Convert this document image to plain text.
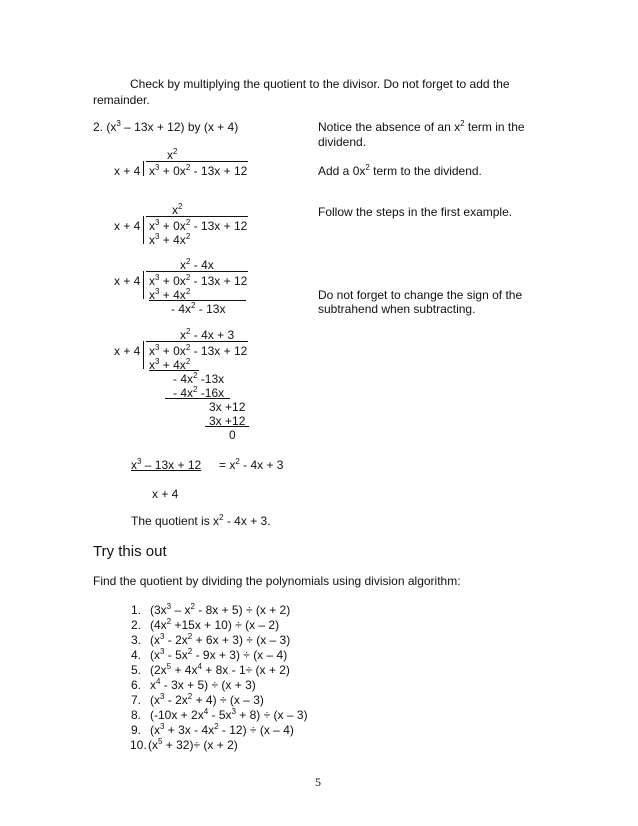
Check by multiplying the quotient to the divisor. Do not forget to add the
remainder.
2. $(x^3 - 13x + 12)$ by (x + 4)	Notice the absence of an $x^2$ term in the
dividend.
$x^2$
x + 4 $x^3 + 0x^2 - 13x + 12$	Add a $0x^2$ term to the dividend.
$x^2$
x + 4 $x^3 + 0x^2 - 13x + 12$
$x^3 + 4x^2$
Follow the steps in the first example.
$x^2 - 4x$
x + 4 $x^3 + 0x^2 - 13x + 12$
$x^3 + 4x^2$
- $4x^2 - 13x$
Do not forget to change the sign of the
subtrahend when subtracting.
$x^2 - 4x + 3$
x + 4 $x^3 + 0x^2 - 13x + 12$
$x^3 + 4x^2$
- $4x^2$ -13x
- $4x^2$ -16x
3x +12
3x +12
0
$x^3 - 13x + 12 = x^2 - 4x + 3$
x + 4
The quotient is $x^2 - 4x + 3$.
Try this out
Find the quotient by dividing the polynomials using division algorithm:
1. $(3x^3 - x^2 - 8x + 5) \div (x + 2)$
2. $(4x^2 +15x + 10) \div (x - 2)$
3. $(x^3 - 2x^2 + 6x + 3) \div (x - 3)$
4. $(x^3 - 5x^2 - 9x + 3) \div (x - 4)$
5. ($2x^5 + 4x^4 + 8x - 1\div (x + 2)$
6. $x^4 - 3x + 5) \div (x + 3)$
7. $(x^3 - 2x^2 + 4) \div (x - 3)$
8. $(-10x + 2x^4 - 5x^3 + 8) \div (x - 3)$
9. $(x^3 + 3x - 4x^2 - 12) \div (x - 4)$
10. $(x^5 + 32)\div (x + 2)$
5
